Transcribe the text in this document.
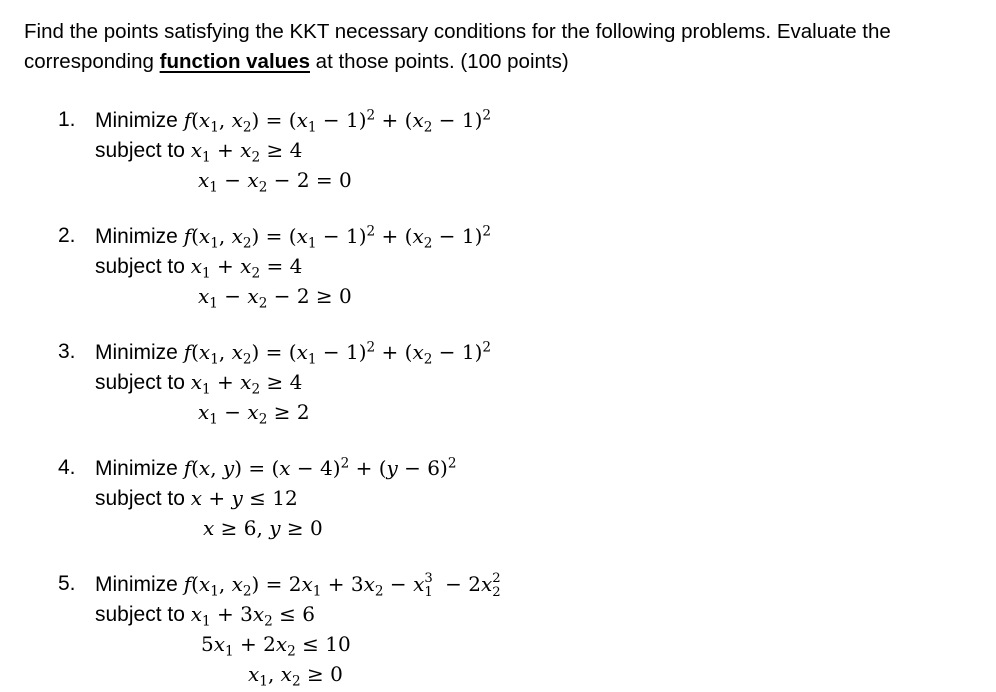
Find the points satisfying the KKT necessary conditions for the following problems. Evaluate the
corresponding function values at those points. (100 points)
1. Minimize $f(x_1$, $x_2) = (x_1 - 1)^2 + (x_2 - 1)^2$
subject to $x_1 + x_2 \ge 4$
$x_1 - x_2 - 2 = 0$
2. Minimize $f(x_1$, $x_2) = (x_1 - 1)^2 + (x_2 - 1)^2$
subject to $x_1 + x_2 = 4$
$x_1 - x_2 - 2 \ge 0$
3. Minimize $f(x_1$, $x_2) = (x_1 - 1)^2 + (x_2 - 1)^2$
subject to $x_1 + x_2 \ge 4$
$x_1 - x_2 \ge 2$
4. Minimize f(x, $y) = (x - 4)^2 + (y - 6)^2$
subject to x + y ≤ 12
x ≥ 6, y ≥ 0
5. Minimize $f(x_1$, $x_2) = 2x_1 + 3x_2 - x$ 3
1 − 2x 2
2
subject to $x_1 + 3x_2 \le 6$
$5x_1 + 2x_2 \le 10$
$x_1$, $x_2 \ge 0$
